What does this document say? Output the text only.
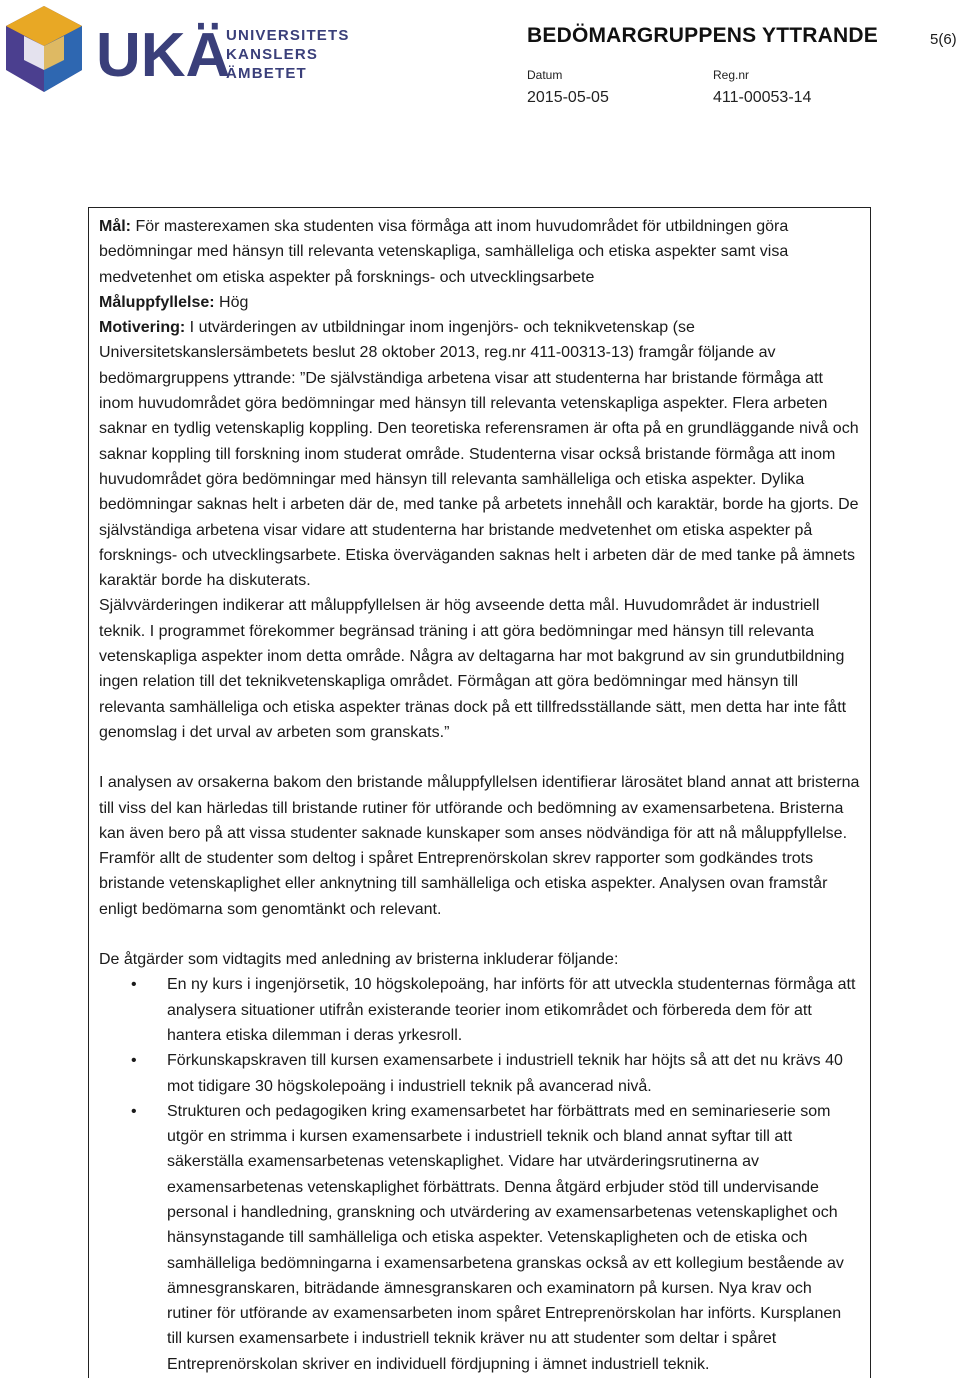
UKÄ
UNIVERSITETS
KANSLERS
ÄMBETET
BEDÖMARGRUPPENS YTTRANDE	5(6)
Datum	Reg.nr
2015-05-05	411-00053-14

Mål: För masterexamen ska studenten visa förmåga att inom huvudområdet för utbildningen göra bedömningar med hänsyn till relevanta vetenskapliga, samhälleliga och etiska aspekter samt visa medvetenhet om etiska aspekter på forsknings- och utvecklingsarbete

Måluppfyllelse: Hög

Motivering: I utvärderingen av utbildningar inom ingenjörs- och teknikvetenskap (se Universitetskanslersämbetets beslut 28 oktober 2013, reg.nr 411-00313-13) framgår följande av bedömargruppens yttrande: ”De självständiga arbetena visar att studenterna har bristande förmåga att inom huvudområdet göra bedömningar med hänsyn till relevanta vetenskapliga aspekter. Flera arbeten saknar en tydlig vetenskaplig koppling. Den teoretiska referensramen är ofta på en grundläggande nivå och saknar koppling till forskning inom studerat område. Studenterna visar också bristande förmåga att inom huvudområdet göra bedömningar med hänsyn till relevanta samhälleliga och etiska aspekter. Dylika bedömningar saknas helt i arbeten där de, med tanke på arbetets innehåll och karaktär, borde ha gjorts. De självständiga arbetena visar vidare att studenterna har bristande medvetenhet om etiska aspekter på forsknings- och utvecklingsarbete. Etiska överväganden saknas helt i arbeten där de med tanke på ämnets karaktär borde ha diskuterats.

Självvärderingen indikerar att måluppfyllelsen är hög avseende detta mål. Huvudområdet är industriell teknik. I programmet förekommer begränsad träning i att göra bedömningar med hänsyn till relevanta vetenskapliga aspekter inom detta område. Några av deltagarna har mot bakgrund av sin grundutbildning ingen relation till det teknikvetenskapliga området. Förmågan att göra bedömningar med hänsyn till relevanta samhälleliga och etiska aspekter tränas dock på ett tillfredsställande sätt, men detta har inte fått genomslag i det urval av arbeten som granskats.”

I analysen av orsakerna bakom den bristande måluppfyllelsen identifierar lärosätet bland annat att bristerna till viss del kan härledas till bristande rutiner för utförande och bedömning av examensarbetena. Bristerna kan även bero på att vissa studenter saknade kunskaper som anses nödvändiga för att nå måluppfyllelse. Framför allt de studenter som deltog i spåret Entreprenörskolan skrev rapporter som godkändes trots bristande vetenskaplighet eller anknytning till samhälleliga och etiska aspekter. Analysen ovan framstår enligt bedömarna som genomtänkt och relevant.

De åtgärder som vidtagits med anledning av bristerna inkluderar följande:

• En ny kurs i ingenjörsetik, 10 högskolepoäng, har införts för att utveckla studenternas förmåga att analysera situationer utifrån existerande teorier inom etikområdet och förbereda dem för att hantera etiska dilemman i deras yrkesroll.
• Förkunskapskraven till kursen examensarbete i industriell teknik har höjts så att det nu krävs 40 mot tidigare 30 högskolepoäng i industriell teknik på avancerad nivå.
• Strukturen och pedagogiken kring examensarbetet har förbättrats med en seminarieserie som utgör en strimma i kursen examensarbete i industriell teknik och bland annat syftar till att säkerställa examensarbetenas vetenskaplighet. Vidare har utvärderingsrutinerna av examensarbetenas vetenskaplighet förbättrats. Denna åtgärd erbjuder stöd till undervisande personal i handledning, granskning och utvärdering av examensarbetenas vetenskaplighet och hänsynstagande till samhälleliga och etiska aspekter. Vetenskapligheten och de etiska och samhälleliga bedömningarna i examensarbetena granskas också av ett kollegium bestående av ämnesgranskaren, biträdande ämnesgranskaren och examinatorn på kursen. Nya krav och rutiner för utförande av examensarbeten inom spåret Entreprenörskolan har införts. Kursplanen till kursen examensarbete i industriell teknik kräver nu att studenter som deltar i spåret Entreprenörskolan skriver en individuell fördjupning i ämnet industriell teknik.
